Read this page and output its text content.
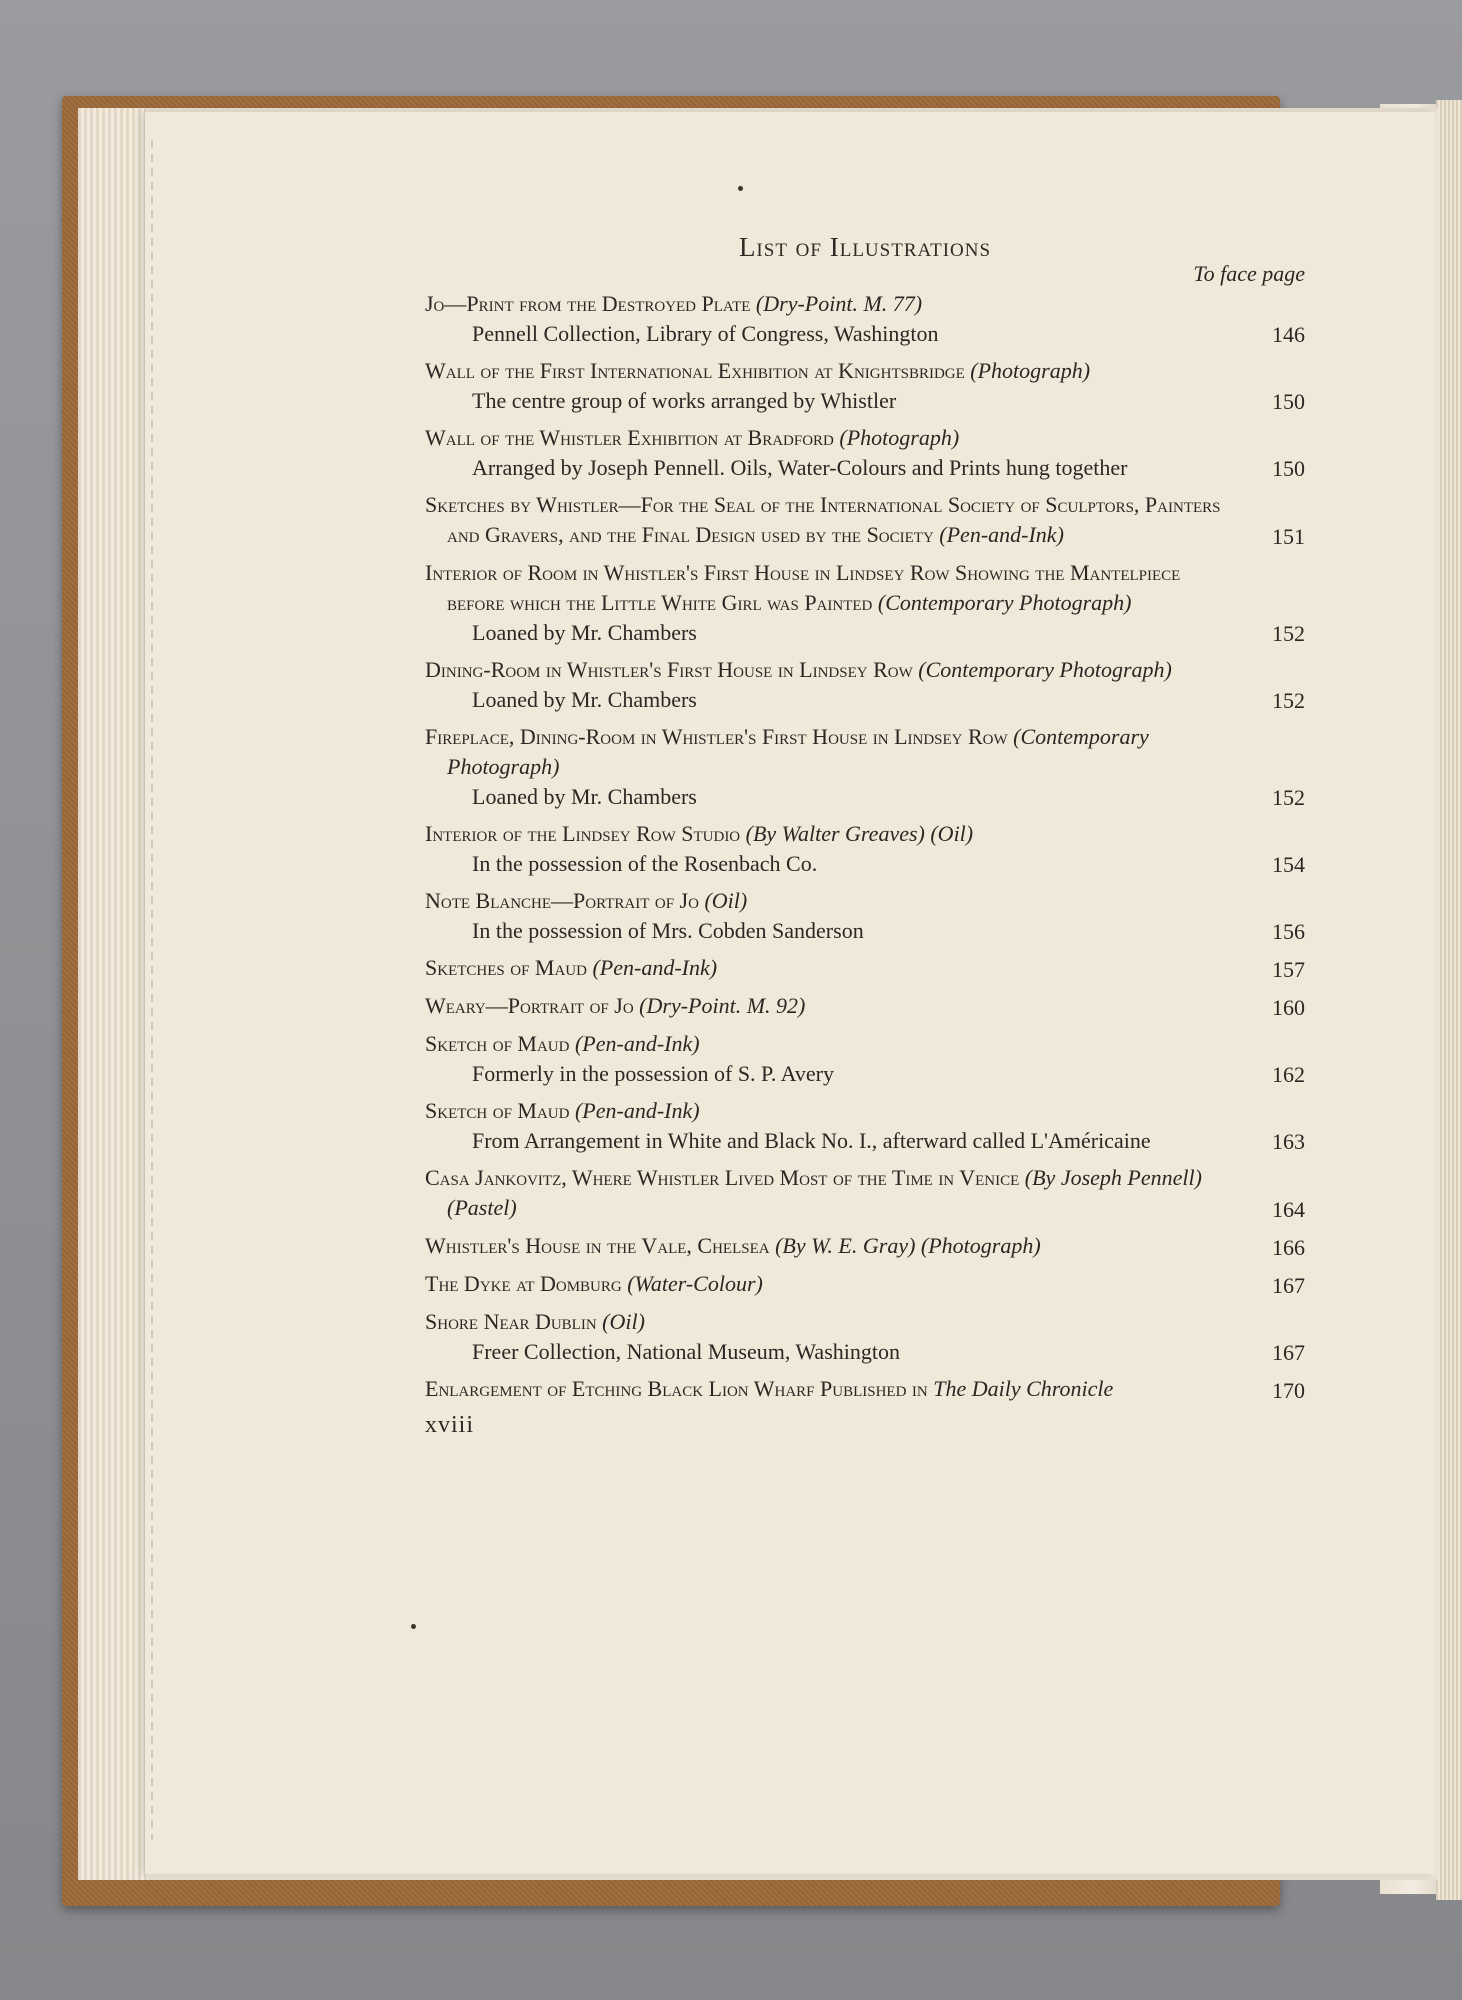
List of Illustrations
To face page
Jo—Print from the Destroyed Plate (Dry-Point. M. 77)
Pennell Collection, Library of Congress, Washington	146
Wall of the First International Exhibition at Knightsbridge (Photograph)
The centre group of works arranged by Whistler	150
Wall of the Whistler Exhibition at Bradford (Photograph)
Arranged by Joseph Pennell. Oils, Water-Colours and Prints hung together	150
Sketches by Whistler—For the Seal of the International Society of Sculptors, Painters and Gravers, and the Final Design used by the Society (Pen-and-Ink)	151
Interior of Room in Whistler's First House in Lindsey Row Showing the Mantelpiece before which the Little White Girl was Painted (Contemporary Photograph)
Loaned by Mr. Chambers	152
Dining-Room in Whistler's First House in Lindsey Row (Contemporary Photograph)
Loaned by Mr. Chambers	152
Fireplace, Dining-Room in Whistler's First House in Lindsey Row (Contemporary Photograph)
Loaned by Mr. Chambers	152
Interior of the Lindsey Row Studio (By Walter Greaves) (Oil)
In the possession of the Rosenbach Co.	154
Note Blanche—Portrait of Jo (Oil)
In the possession of Mrs. Cobden Sanderson	156
Sketches of Maud (Pen-and-Ink)	157
Weary—Portrait of Jo (Dry-Point. M. 92)	160
Sketch of Maud (Pen-and-Ink)
Formerly in the possession of S. P. Avery	162
Sketch of Maud (Pen-and-Ink)
From Arrangement in White and Black No. I., afterward called L'Américaine	163
Casa Jankovitz, Where Whistler Lived Most of the Time in Venice (By Joseph Pennell) (Pastel)	164
Whistler's House in the Vale, Chelsea (By W. E. Gray) (Photograph)	166
The Dyke at Domburg (Water-Colour)	167
Shore Near Dublin (Oil)
Freer Collection, National Museum, Washington	167
Enlargement of Etching Black Lion Wharf Published in The Daily Chronicle	170
xviii
